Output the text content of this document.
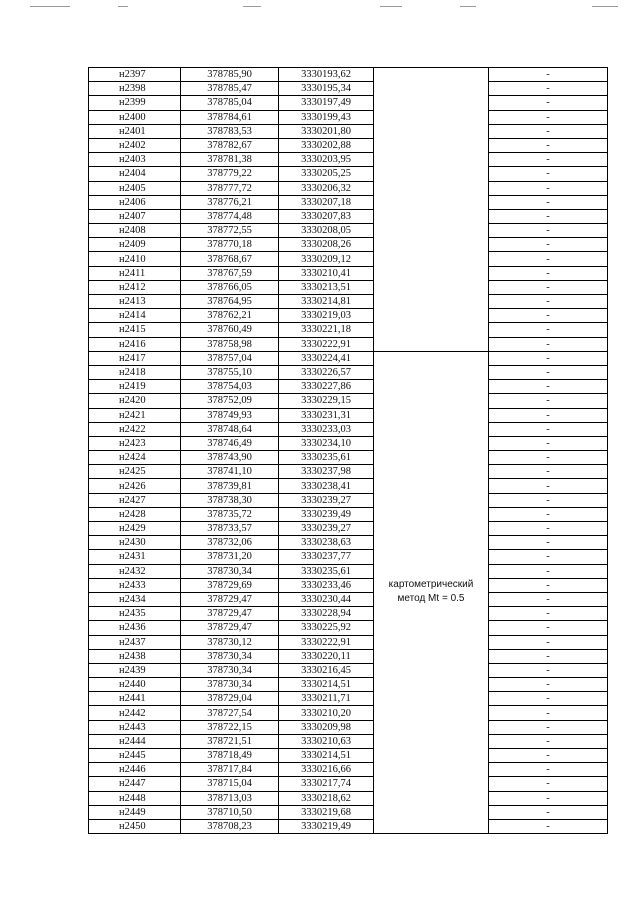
н2397	378785,90	3330193,62		-
н2398	378785,47	3330195,34		-
н2399	378785,04	3330197,49		-
н2400	378784,61	3330199,43		-
н2401	378783,53	3330201,80		-
н2402	378782,67	3330202,88		-
н2403	378781,38	3330203,95		-
н2404	378779,22	3330205,25		-
н2405	378777,72	3330206,32		-
н2406	378776,21	3330207,18		-
н2407	378774,48	3330207,83		-
н2408	378772,55	3330208,05		-
н2409	378770,18	3330208,26		-
н2410	378768,67	3330209,12		-
н2411	378767,59	3330210,41		-
н2412	378766,05	3330213,51		-
н2413	378764,95	3330214,81		-
н2414	378762,21	3330219,03		-
н2415	378760,49	3330221,18		-
н2416	378758,98	3330222,91		-
н2417	378757,04	3330224,41	картометрический
метод Mt = 0.5	-
н2418	378755,10	3330226,57		-
н2419	378754,03	3330227,86		-
н2420	378752,09	3330229,15		-
н2421	378749,93	3330231,31		-
н2422	378748,64	3330233,03		-
н2423	378746,49	3330234,10		-
н2424	378743,90	3330235,61		-
н2425	378741,10	3330237,98		-
н2426	378739,81	3330238,41		-
н2427	378738,30	3330239,27		-
н2428	378735,72	3330239,49		-
н2429	378733,57	3330239,27		-
н2430	378732,06	3330238,63		-
н2431	378731,20	3330237,77		-
н2432	378730,34	3330235,61		-
н2433	378729,69	3330233,46		-
н2434	378729,47	3330230,44		-
н2435	378729,47	3330228,94		-
н2436	378729,47	3330225,92		-
н2437	378730,12	3330222,91		-
н2438	378730,34	3330220,11		-
н2439	378730,34	3330216,45		-
н2440	378730,34	3330214,51		-
н2441	378729,04	3330211,71		-
н2442	378727,54	3330210,20		-
н2443	378722,15	3330209,98		-
н2444	378721,51	3330210,63		-
н2445	378718,49	3330214,51		-
н2446	378717,84	3330216,66		-
н2447	378715,04	3330217,74		-
н2448	378713,03	3330218,62		-
н2449	378710,50	3330219,68		-
н2450	378708,23	3330219,49		-
